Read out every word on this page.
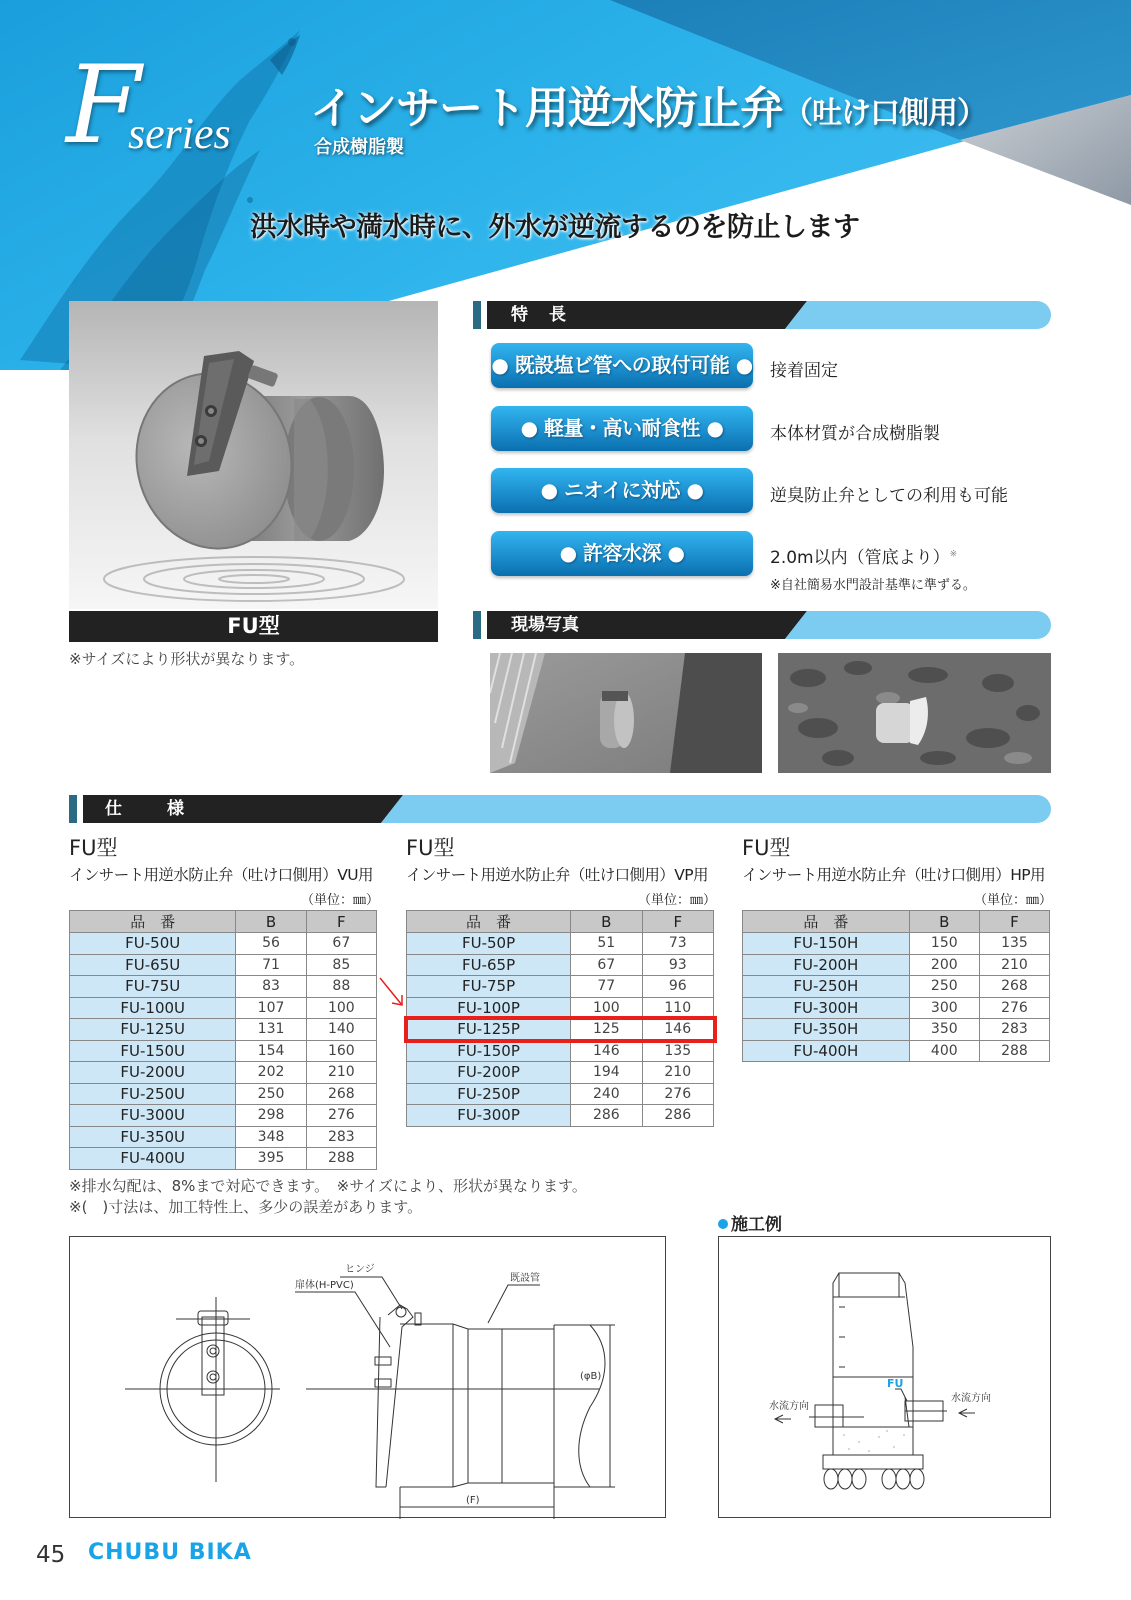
F
series インサート用逆水防止弁（吐け口側用）
合成樹脂製
洪水時や満水時に、外水が逆流するのを防止します
FU型
※サイズにより形状が異なります。
特　長
● 既設塩ビ管への取付可能 ● 接着固定
● 軽量・高い耐食性 ●	本体材質が合成樹脂製
● ニオイに対応 ●	逆臭防止弁としての利用も可能
● 許容水深 ●	2.0m以内（管底より）※
※自社簡易水門設計基準に準ずる。
現場写真
仕　様
FU型
インサート用逆水防止弁（吐け口側用）VU用
（単位：㎜）
品　番	B	F
FU-50U	56	67
FU-65U	71	85
FU-75U	83	88
FU-100U	107	100
FU-125U	131	140
FU-150U	154	160
FU-200U	202	210
FU-250U	250	268
FU-300U	298	276
FU-350U	348	283
FU-400U	395	288
FU型
インサート用逆水防止弁（吐け口側用）VP用
（単位：㎜）
品　番	B	F
FU-50P	51	73
FU-65P	67	93
FU-75P	77	96
FU-100P	100	110
FU-125P	125	146
FU-150P	146	135
FU-200P	194	210
FU-250P	240	276
FU-300P	286	286
FU型
インサート用逆水防止弁（吐け口側用）HP用
（単位：㎜）
品　番	B	F
FU-150H	150	135
FU-200H	200	210
FU-250H	250	268
FU-300H	300	276
FU-350H	350	283
FU-400H	400	288
※排水勾配は、8%まで対応できます。　※サイズにより、形状が異なります。
※(　)寸法は、加工特性上、多少の誤差があります。
ヒンジ
扉体(H-PVC)
既設管
(φB)
(F)
施工例
FU
水流方向
水流方向
45 CHUBU BIKA
